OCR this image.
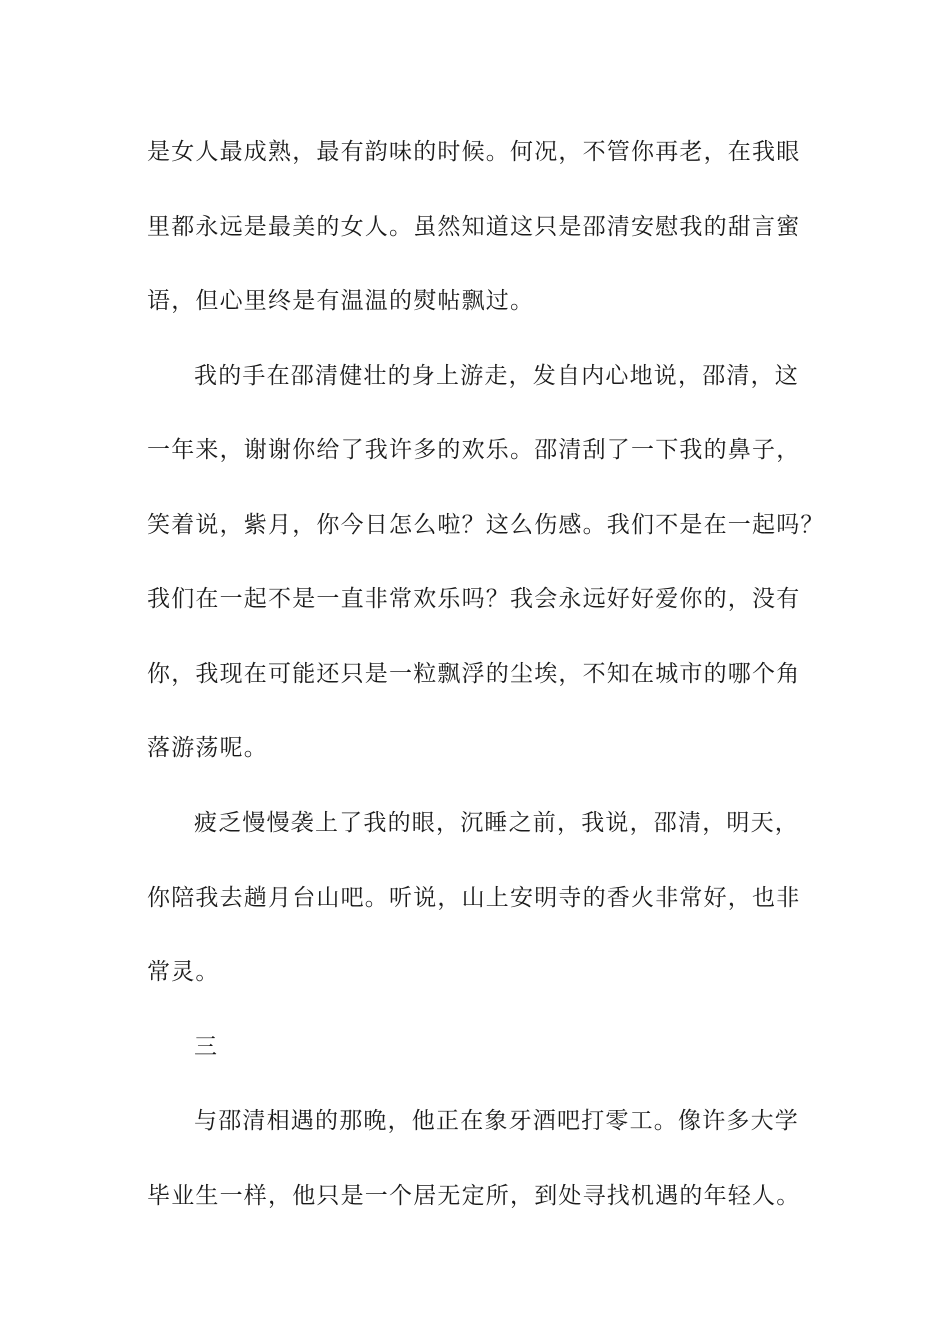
是女人最成熟，最有韵味的时候。何况，不管你再老，在我眼
里都永远是最美的女人。虽然知道这只是邵清安慰我的甜言蜜
语，但心里终是有温温的熨帖飘过。
我的手在邵清健壮的身上游走，发自内心地说，邵清，这
一年来，谢谢你给了我许多的欢乐。邵清刮了一下我的鼻子，
笑着说，紫月，你今日怎么啦？这么伤感。我们不是在一起吗？
我们在一起不是一直非常欢乐吗？我会永远好好爱你的，没有
你，我现在可能还只是一粒飘浮的尘埃，不知在城市的哪个角
落游荡呢。
疲乏慢慢袭上了我的眼，沉睡之前，我说，邵清，明天，
你陪我去趟月台山吧。听说，山上安明寺的香火非常好，也非
常灵。
三
与邵清相遇的那晚，他正在象牙酒吧打零工。像许多大学
毕业生一样，他只是一个居无定所，到处寻找机遇的年轻人。
